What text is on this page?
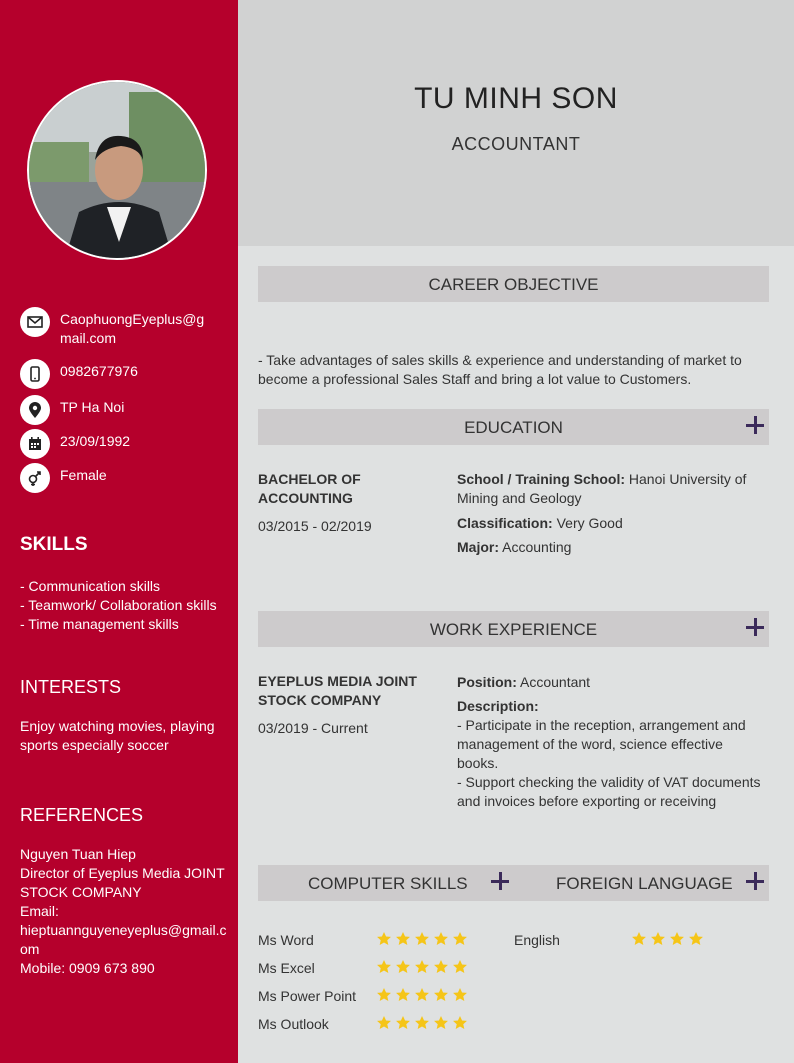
CaophuongEyeplus@gmail.com
0982677976
TP Ha Noi
23/09/1992
Female
SKILLS
- Communication skills
- Teamwork/ Collaboration skills
- Time management skills
INTERESTS
Enjoy watching movies, playing sports especially soccer
REFERENCES
Nguyen Tuan Hiep
Director of Eyeplus Media JOINT STOCK COMPANY
Email:
hieptuannguyeneyeplus@gmail.com
Mobile: 0909 673 890
TU MINH SON
ACCOUNTANT
CAREER OBJECTIVE
- Take advantages of sales skills & experience and understanding of market to become a professional Sales Staff and bring a lot value to Customers.
EDUCATION
BACHELOR OF ACCOUNTING
03/2015 - 02/2019
School / Training School: Hanoi University of Mining and Geology
Classification: Very Good
Major: Accounting
WORK EXPERIENCE
EYEPLUS MEDIA JOINT STOCK COMPANY
03/2019 - Current
Position: Accountant
Description:
- Participate in the reception, arrangement and management of the word, science effective books.
- Support checking the validity of VAT documents and invoices before exporting or receiving
COMPUTER SKILLS	FOREIGN LANGUAGE
Ms Word
Ms Excel
Ms Power Point
Ms Outlook
English
